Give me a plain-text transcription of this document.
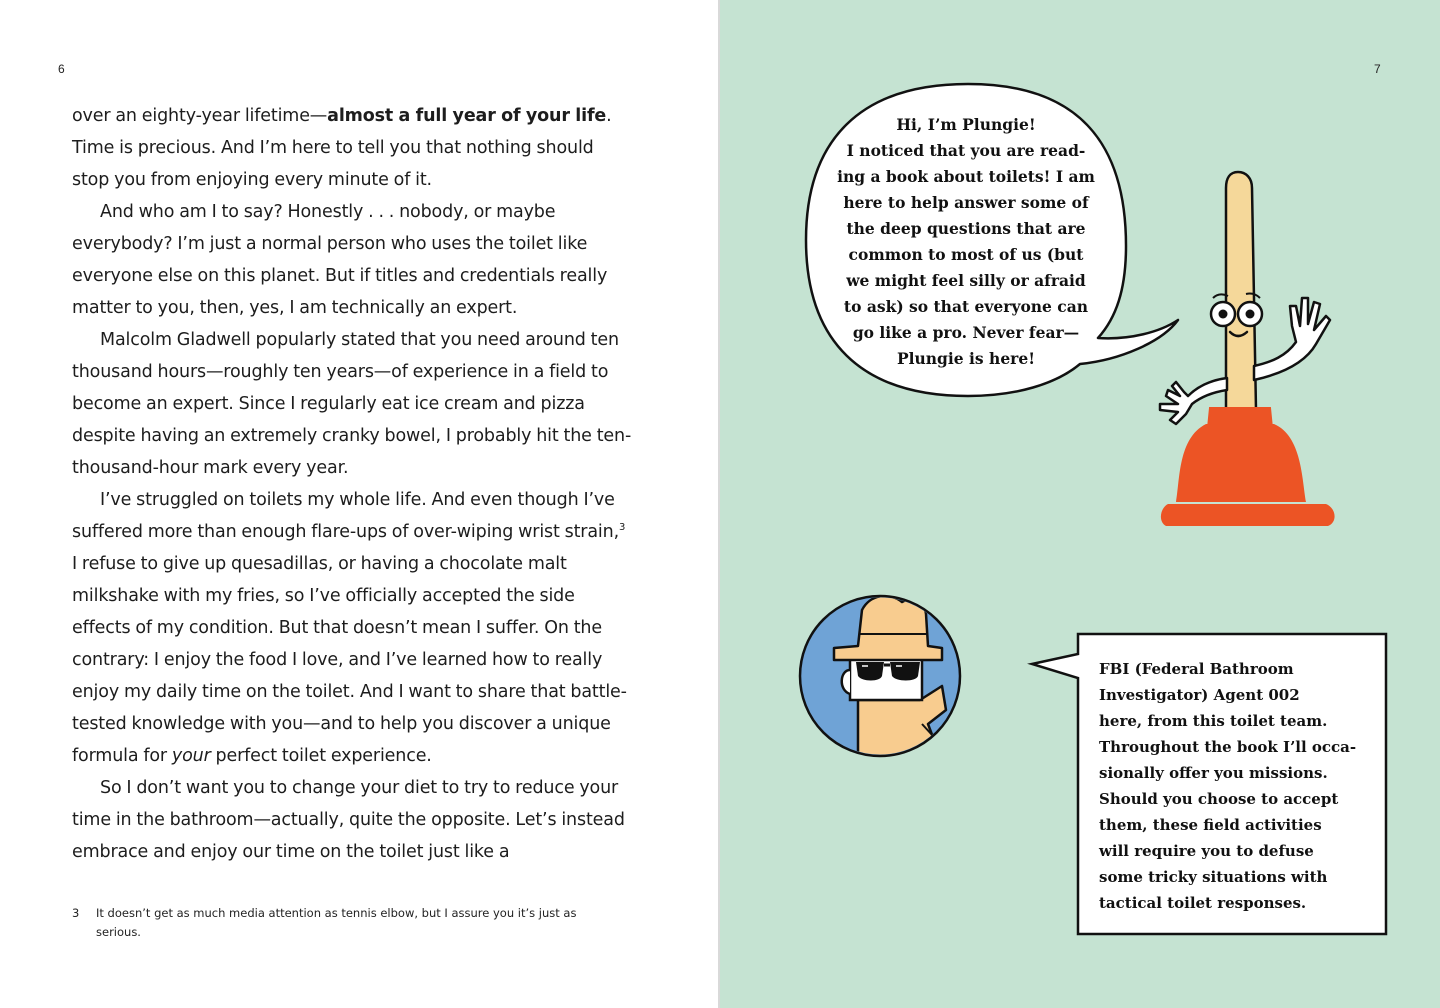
6

over an eighty-year lifetime—almost a full year of your life. Time is precious. And I’m here to tell you that nothing should stop you from enjoying every minute of it.

And who am I to say? Honestly . . . nobody, or maybe everybody? I’m just a normal person who uses the toilet like everyone else on this planet. But if titles and credentials really matter to you, then, yes, I am technically an expert.

Malcolm Gladwell popularly stated that you need around ten thousand hours—roughly ten years—of experience in a field to become an expert. Since I regularly eat ice cream and pizza despite having an extremely cranky bowel, I probably hit the ten-thousand-hour mark every year.

I’ve struggled on toilets my whole life. And even though I’ve suffered more than enough flare-ups of over-wiping wrist strain,$^3$ I refuse to give up quesadillas, or having a chocolate malt milkshake with my fries, so I’ve officially accepted the side effects of my condition. But that doesn’t mean I suffer. On the contrary: I enjoy the food I love, and I’ve learned how to really enjoy my daily time on the toilet. And I want to share that battle-tested knowledge with you—and to help you discover a unique formula for your perfect toilet experience.

So I don’t want you to change your diet to try to reduce your time in the bathroom—actually, quite the opposite. Let’s instead embrace and enjoy our time on the toilet just like a

3 It doesn’t get as much media attention as tennis elbow, but I assure you it’s just as serious.
7
Hi, I’m Plungie!
I noticed that you are read-
ing a book about toilets! I am
here to help answer some of
the deep questions that are
common to most of us (but
we might feel silly or afraid
to ask) so that everyone can
go like a pro. Never fear—
Plungie is here!
FBI (Federal Bathroom
Investigator) Agent 002
here, from this toilet team.
Throughout the book I’ll occa-
sionally offer you missions.
Should you choose to accept
them, these field activities
will require you to defuse
some tricky situations with
tactical toilet responses.
